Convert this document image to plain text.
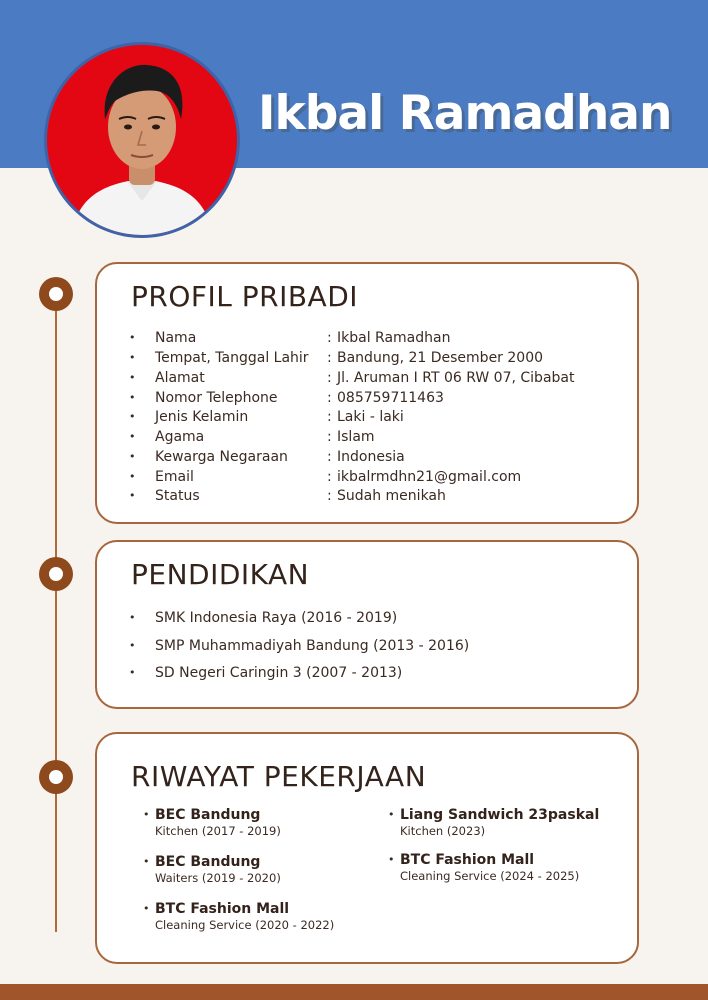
Ikbal Ramadhan
PROFIL PRIBADI
Nama	: Ikbal Ramadhan
Tempat, Tanggal Lahir : Bandung, 21 Desember 2000
Alamat	: Jl. Aruman I RT 06 RW 07, Cibabat
Nomor Telephone	: 085759711463
Jenis Kelamin	: Laki - laki
Agama	: Islam
Kewarga Negaraan	: Indonesia
Email	: ikbalrmdhn21@gmail.com
Status	: Sudah menikah
PENDIDIKAN
• SMK Indonesia Raya (2016 - 2019)
• SMP Muhammadiyah Bandung (2013 - 2016)
• SD Negeri Caringin 3 (2007 - 2013)
RIWAYAT PEKERJAAN
• BEC Bandung
Kitchen (2017 - 2019)
• BEC Bandung
Waiters (2019 - 2020)
• BTC Fashion Mall
Cleaning Service (2020 - 2022)
• Liang Sandwich 23paskal
Kitchen (2023)
• BTC Fashion Mall
Cleaning Service (2024 - 2025)
